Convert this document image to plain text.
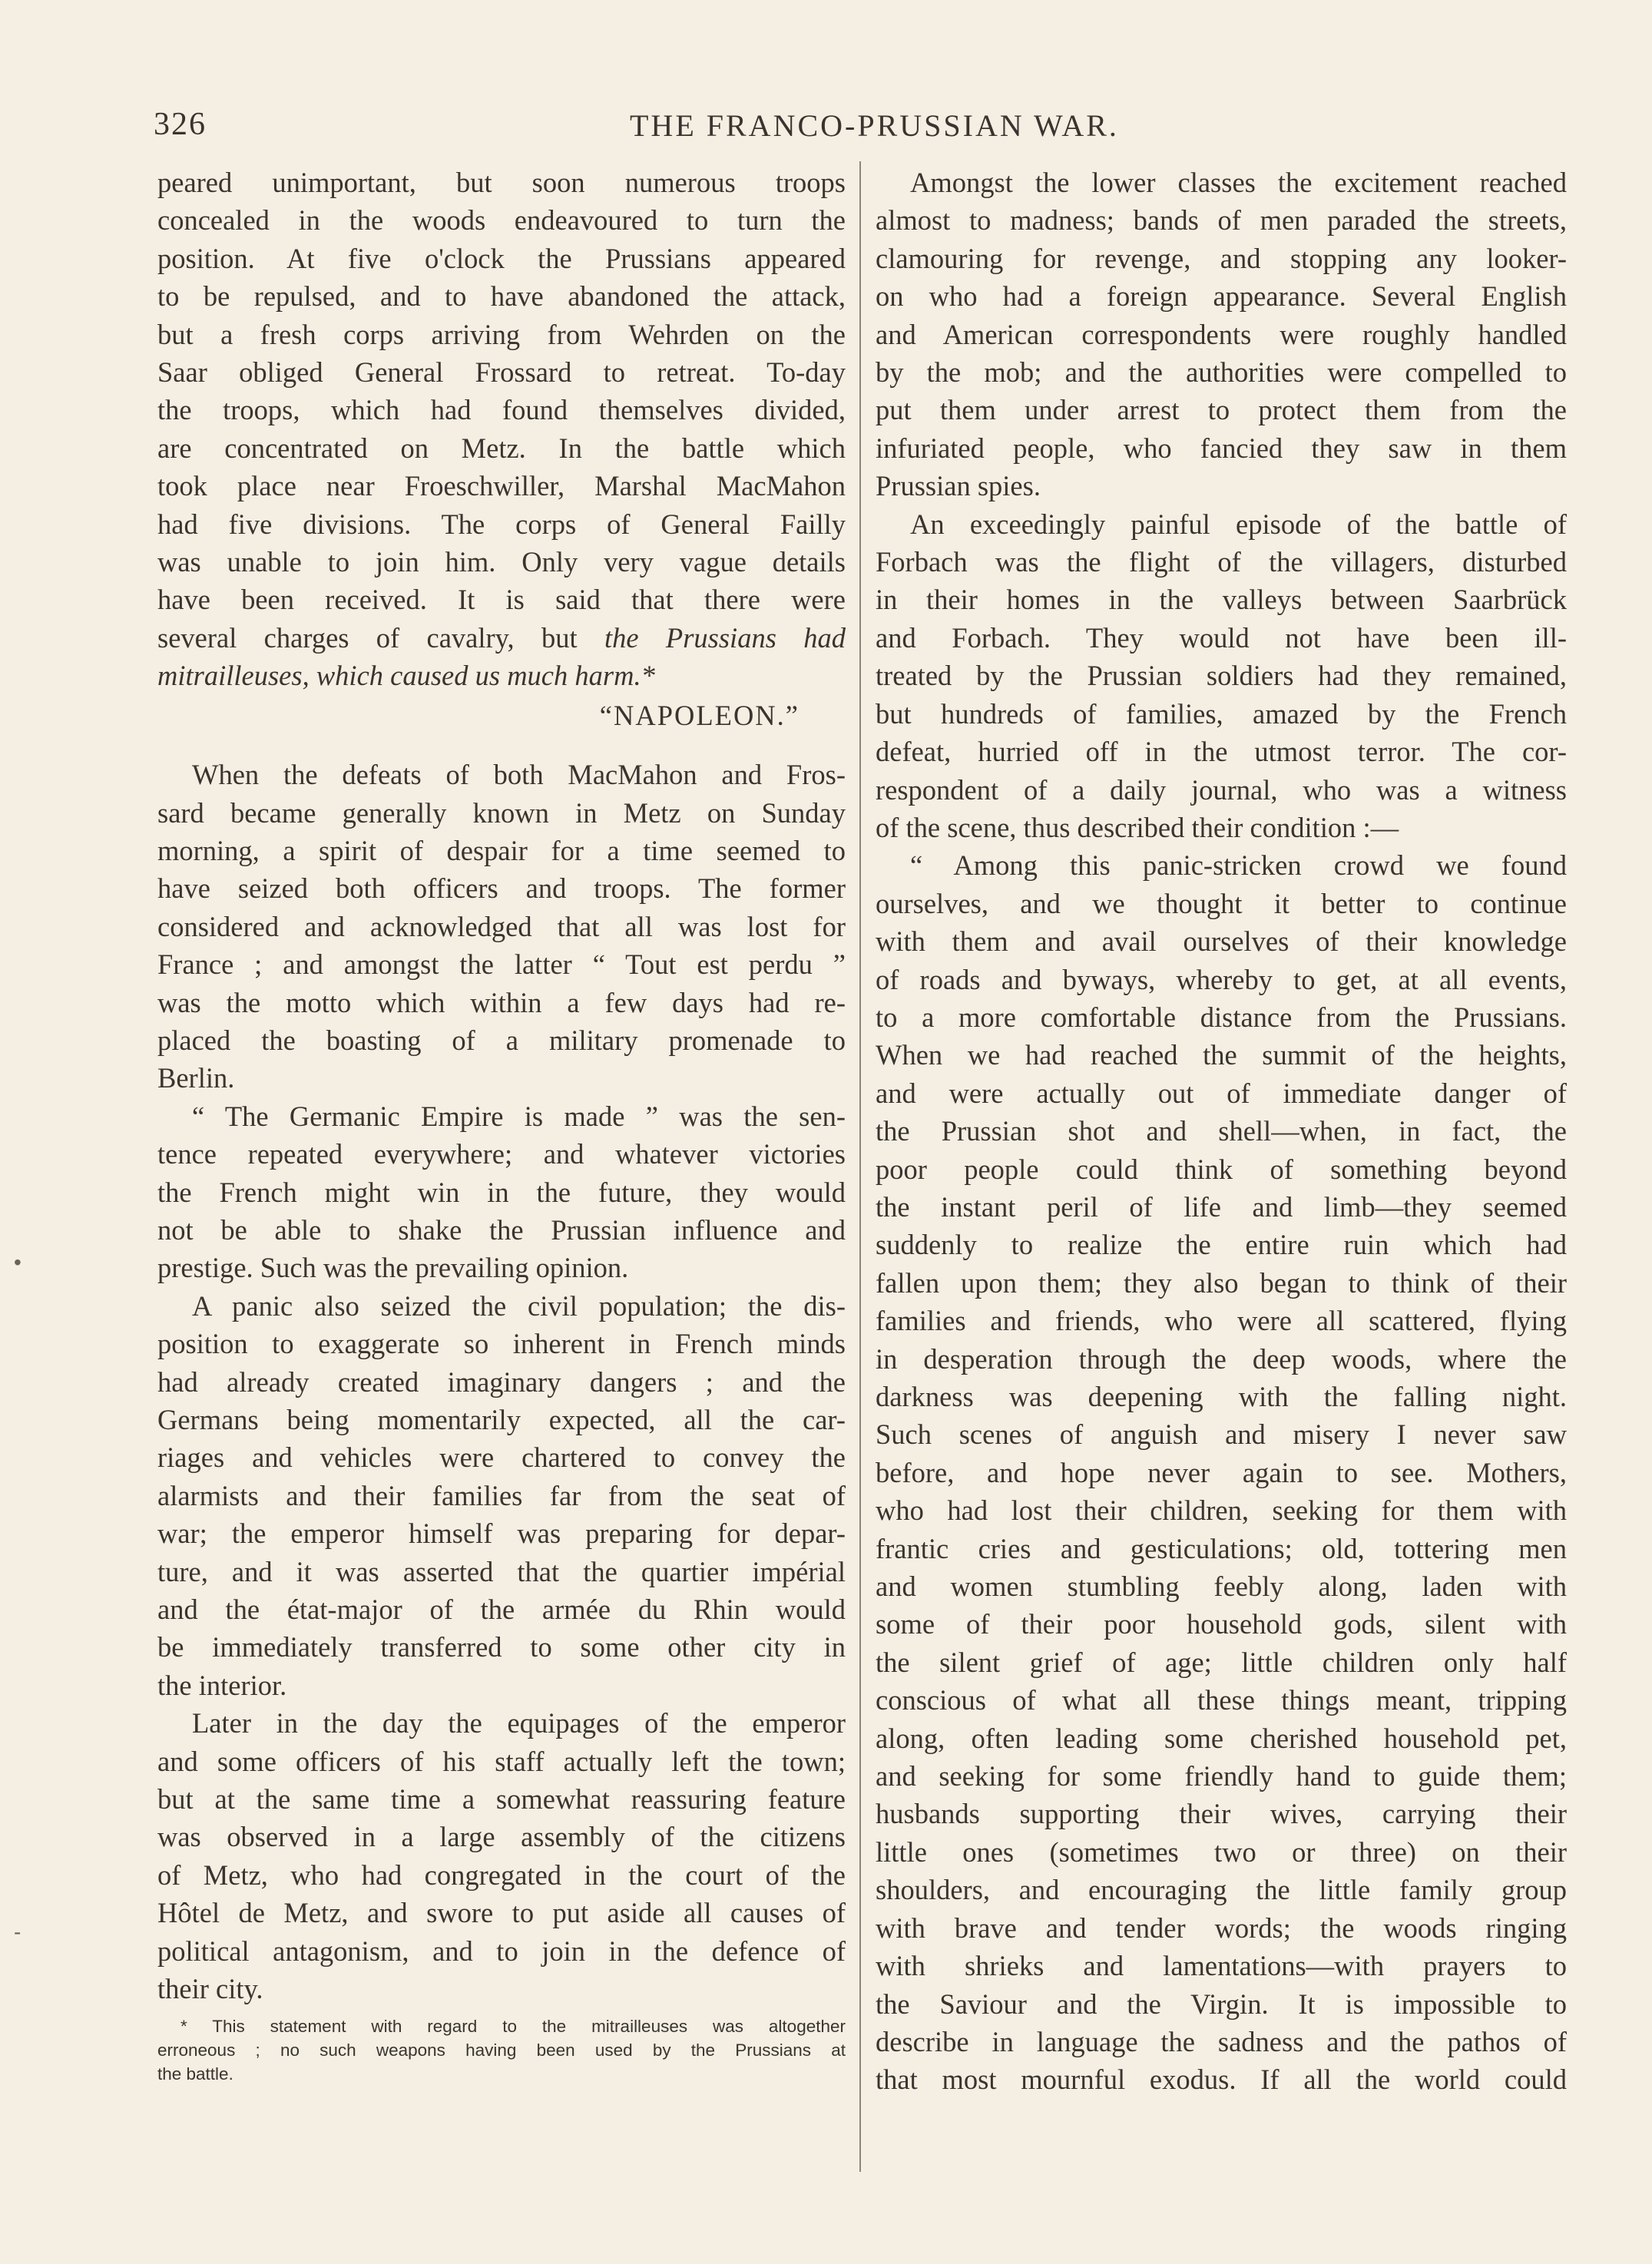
326	THE FRANCO-PRUSSIAN WAR.
•
-
peared unimportant, but soon numerous troops
concealed in the woods endeavoured to turn the
position. At five o'clock the Prussians appeared
to be repulsed, and to have abandoned the attack,
but a fresh corps arriving from Wehrden on the
Saar obliged General Frossard to retreat. To-day
the troops, which had found themselves divided,
are concentrated on Metz. In the battle which
took place near Froeschwiller, Marshal MacMahon
had five divisions. The corps of General Failly
was unable to join him. Only very vague details
have been received. It is said that there were
several charges of cavalry, but the Prussians had
mitrailleuses, which caused us much harm.*
“NAPOLEON.”
When the defeats of both MacMahon and Fros-
sard became generally known in Metz on Sunday
morning, a spirit of despair for a time seemed to
have seized both officers and troops. The former
considered and acknowledged that all was lost for
France ; and amongst the latter “ Tout est perdu ”
was the motto which within a few days had re-
placed the boasting of a military promenade to
Berlin.
“ The Germanic Empire is made ” was the sen-
tence repeated everywhere; and whatever victories
the French might win in the future, they would
not be able to shake the Prussian influence and
prestige. Such was the prevailing opinion.
A panic also seized the civil population; the dis-
position to exaggerate so inherent in French minds
had already created imaginary dangers ; and the
Germans being momentarily expected, all the car-
riages and vehicles were chartered to convey the
alarmists and their families far from the seat of
war; the emperor himself was preparing for depar-
ture, and it was asserted that the quartier impérial
and the état-major of the armée du Rhin would
be immediately transferred to some other city in
the interior.
Later in the day the equipages of the emperor
and some officers of his staff actually left the town;
but at the same time a somewhat reassuring feature
was observed in a large assembly of the citizens
of Metz, who had congregated in the court of the
Hôtel de Metz, and swore to put aside all causes of
political antagonism, and to join in the defence of
their city.
* This statement with regard to the mitrailleuses was altogether
erroneous ; no such weapons having been used by the Prussians at
the battle.
Amongst the lower classes the excitement reached
almost to madness; bands of men paraded the streets,
clamouring for revenge, and stopping any looker-
on who had a foreign appearance. Several English
and American correspondents were roughly handled
by the mob; and the authorities were compelled to
put them under arrest to protect them from the
infuriated people, who fancied they saw in them
Prussian spies.
An exceedingly painful episode of the battle of
Forbach was the flight of the villagers, disturbed
in their homes in the valleys between Saarbrück
and Forbach. They would not have been ill-
treated by the Prussian soldiers had they remained,
but hundreds of families, amazed by the French
defeat, hurried off in the utmost terror. The cor-
respondent of a daily journal, who was a witness
of the scene, thus described their condition :—
“ Among this panic-stricken crowd we found
ourselves, and we thought it better to continue
with them and avail ourselves of their knowledge
of roads and byways, whereby to get, at all events,
to a more comfortable distance from the Prussians.
When we had reached the summit of the heights,
and were actually out of immediate danger of
the Prussian shot and shell—when, in fact, the
poor people could think of something beyond
the instant peril of life and limb—they seemed
suddenly to realize the entire ruin which had
fallen upon them; they also began to think of their
families and friends, who were all scattered, flying
in desperation through the deep woods, where the
darkness was deepening with the falling night.
Such scenes of anguish and misery I never saw
before, and hope never again to see. Mothers,
who had lost their children, seeking for them with
frantic cries and gesticulations; old, tottering men
and women stumbling feebly along, laden with
some of their poor household gods, silent with
the silent grief of age; little children only half
conscious of what all these things meant, tripping
along, often leading some cherished household pet,
and seeking for some friendly hand to guide them;
husbands supporting their wives, carrying their
little ones (sometimes two or three) on their
shoulders, and encouraging the little family group
with brave and tender words; the woods ringing
with shrieks and lamentations—with prayers to
the Saviour and the Virgin. It is impossible to
describe in language the sadness and the pathos of
that most mournful exodus. If all the world could
